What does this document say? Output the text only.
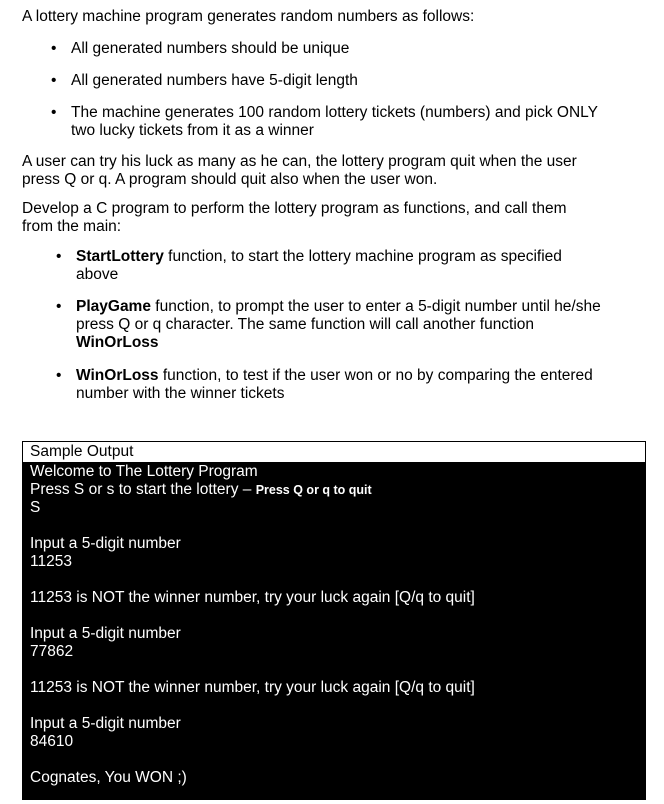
A lottery machine program generates random numbers as follows:
• All generated numbers should be unique
• All generated numbers have 5-digit length
• The machine generates 100 random lottery tickets (numbers) and pick ONLY two lucky tickets from it as a winner
A user can try his luck as many as he can, the lottery program quit when the user
press Q or q. A program should quit also when the user won.
Develop a C program to perform the lottery program as functions, and call them
from the main:
• StartLottery function, to start the lottery machine program as specified
above
• PlayGame function, to prompt the user to enter a 5-digit number until he/she
press Q or q character. The same function will call another function
WinOrLoss
• WinOrLoss function, to test if the user won or no by comparing the entered
number with the winner tickets
Sample Output
Welcome to The Lottery Program
Press S or s to start the lottery – Press Q or q to quit
S
Input a 5-digit number
11253
11253 is NOT the winner number, try your luck again [Q/q to quit]
Input a 5-digit number
77862
11253 is NOT the winner number, try your luck again [Q/q to quit]
Input a 5-digit number
84610
Cognates, You WON ;)
